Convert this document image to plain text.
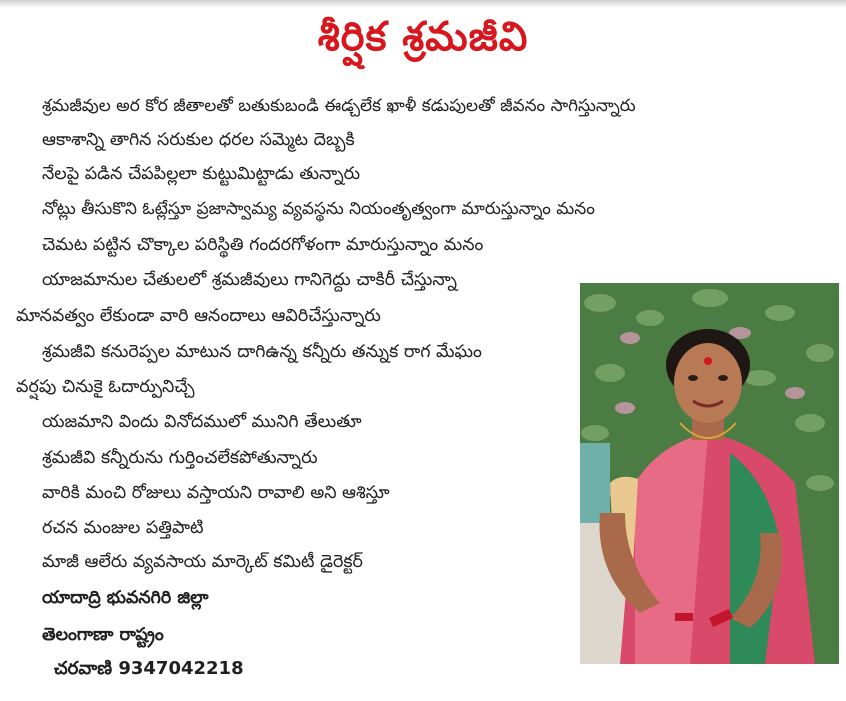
శీర్షిక శ్రమజీవి
శ్రమజీవుల అర కోర జీతాలతో బతుకుబండి ఈడ్చలేక ఖాళీ కడుపులతో జీవనం సాగిస్తున్నారు
ఆకాశాన్ని తాగిన సరుకుల ధరల సమ్మెట దెబ్బకి
నేలపై పడిన చేపపిల్లలా కుట్టుమిట్టాడు తున్నారు
నోట్లు తీసుకొని ఓట్లేస్తూ ప్రజాస్వామ్య వ్యవస్థను నియంతృత్వంగా మారుస్తున్నాం మనం
చెమట పట్టిన చొక్కాల పరిస్థితి గందరగోళంగా మారుస్తున్నాం మనం
యాజమానుల చేతులలో శ్రమజీవులు గానిగెద్దు చాకిరీ చేస్తున్నా
మానవత్వం లేకుండా వారి ఆనందాలు ఆవిరిచేస్తున్నారు
శ్రమజీవి కనురెప్పల మాటున దాగిఉన్న కన్నీరు తన్నుక రాగ మేఘం
వర్షపు చినుకై ఓదార్పునిచ్చే
యజమాని విందు వినోదములో మునిగి తేలుతూ
శ్రమజీవి కన్నీరును గుర్తించలేకపోతున్నారు
వారికి మంచి రోజులు వస్తాయని రావాలి అని ఆశిస్తూ
రచన మంజుల పత్తిపాటి
మాజీ ఆలేరు వ్యవసాయ మార్కెట్ కమిటీ డైరెక్టర్
యాదాద్రి భువనగిరి జిల్లా
తెలంగాణా రాష్ట్రం
చరవాణి 9347042218
